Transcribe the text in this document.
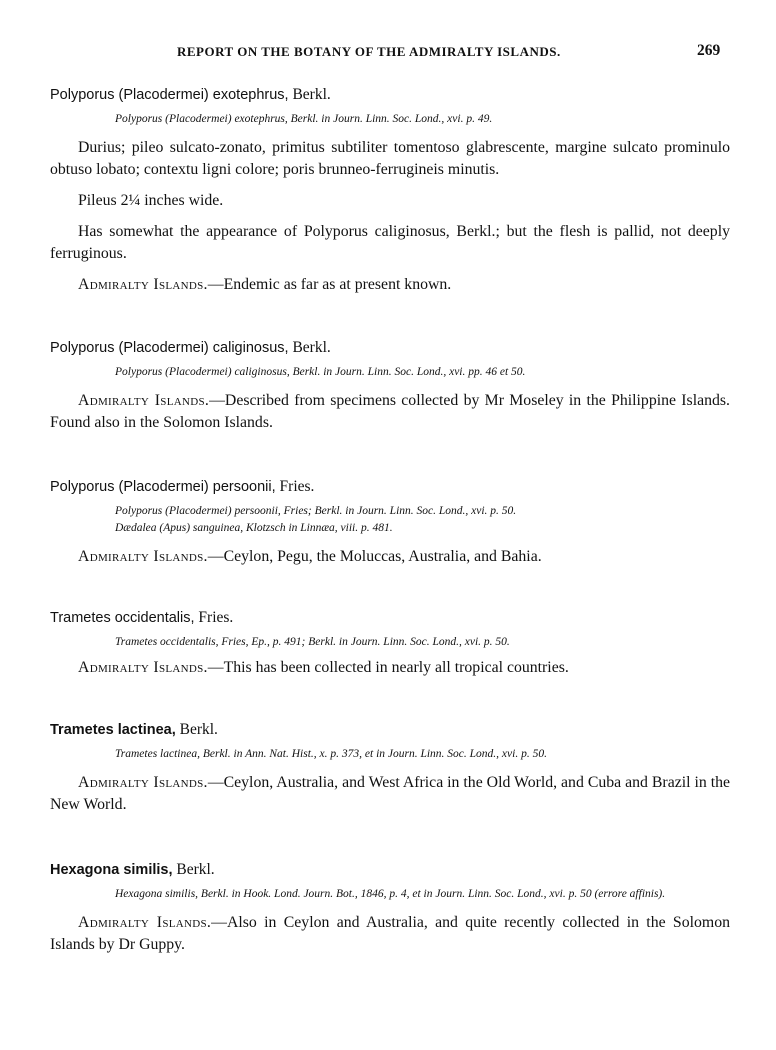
REPORT ON THE BOTANY OF THE ADMIRALTY ISLANDS.	269
Polyporus (Placodermei) exotephrus, Berkl.
Polyporus (Placodermei) exotephrus, Berkl. in Journ. Linn. Soc. Lond., xvi. p. 49.
Durius; pileo sulcato-zonato, primitus subtiliter tomentoso glabrescente, margine sulcato prominulo obtuso lobato; contextu ligni colore; poris brunneo-ferrugineis minutis.
Pileus 2¼ inches wide.
Has somewhat the appearance of Polyporus caliginosus, Berkl.; but the flesh is pallid, not deeply ferruginous.
Admiralty Islands.—Endemic as far as at present known.
Polyporus (Placodermei) caliginosus, Berkl.
Polyporus (Placodermei) caliginosus, Berkl. in Journ. Linn. Soc. Lond., xvi. pp. 46 et 50.
Admiralty Islands.—Described from specimens collected by Mr Moseley in the Philippine Islands. Found also in the Solomon Islands.
Polyporus (Placodermei) persoonii, Fries.
Polyporus (Placodermei) persoonii, Fries; Berkl. in Journ. Linn. Soc. Lond., xvi. p. 50.
Dædalea (Apus) sanguinea, Klotzsch in Linnæa, viii. p. 481.
Admiralty Islands.—Ceylon, Pegu, the Moluccas, Australia, and Bahia.
Trametes occidentalis, Fries.
Trametes occidentalis, Fries, Ep., p. 491; Berkl. in Journ. Linn. Soc. Lond., xvi. p. 50.
Admiralty Islands.—This has been collected in nearly all tropical countries.
Trametes lactinea, Berkl.
Trametes lactinea, Berkl. in Ann. Nat. Hist., x. p. 373, et in Journ. Linn. Soc. Lond., xvi. p. 50.
Admiralty Islands.—Ceylon, Australia, and West Africa in the Old World, and Cuba and Brazil in the New World.
Hexagona similis, Berkl.
Hexagona similis, Berkl. in Hook. Lond. Journ. Bot., 1846, p. 4, et in Journ. Linn. Soc. Lond., xvi. p. 50 (errore affinis).
Admiralty Islands.—Also in Ceylon and Australia, and quite recently collected in the Solomon Islands by Dr Guppy.
